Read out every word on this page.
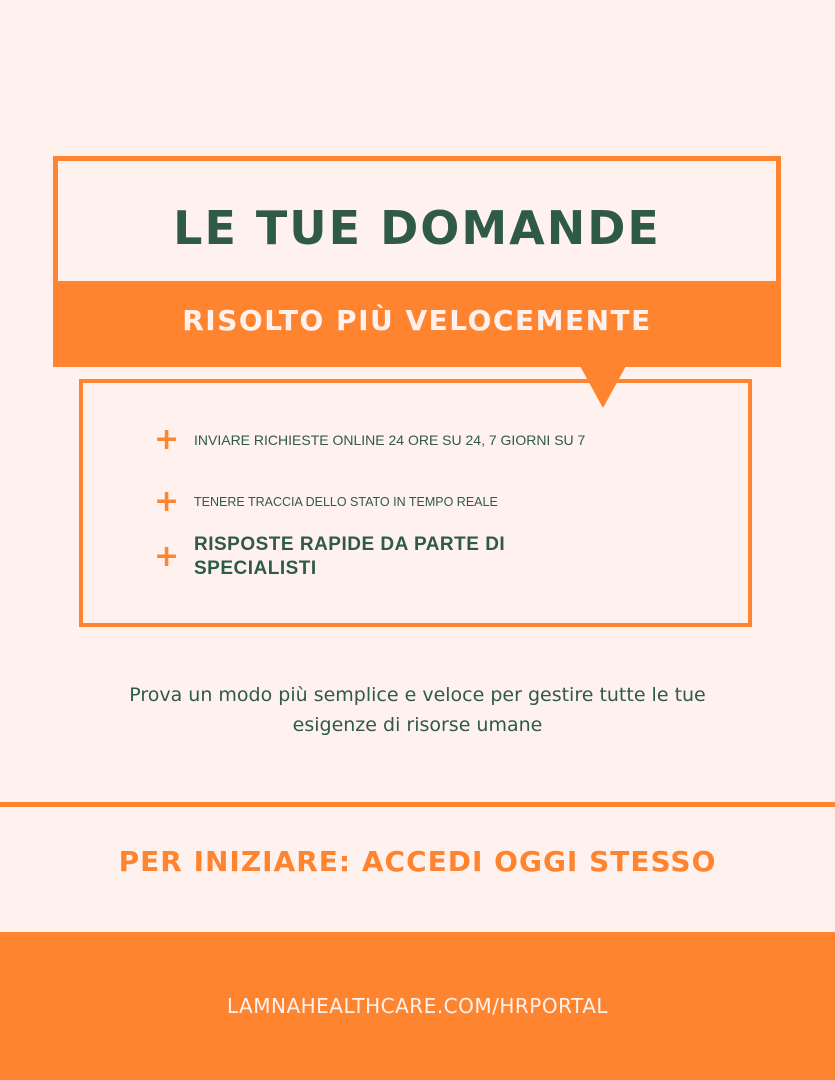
LE TUE DOMANDE
RISOLTO PIÙ VELOCEMENTE
+	INVIARE RICHIESTE ONLINE 24 ORE SU 24, 7 GIORNI SU 7
+	TENERE TRACCIA DELLO STATO IN TEMPO REALE
+ RISPOSTE RAPIDE DA PARTE DI SPECIALISTI
Prova un modo più semplice e veloce per gestire tutte le tue esigenze di risorse umane
PER INIZIARE: ACCEDI OGGI STESSO
LAMNAHEALTHCARE.COM/HRPORTAL
